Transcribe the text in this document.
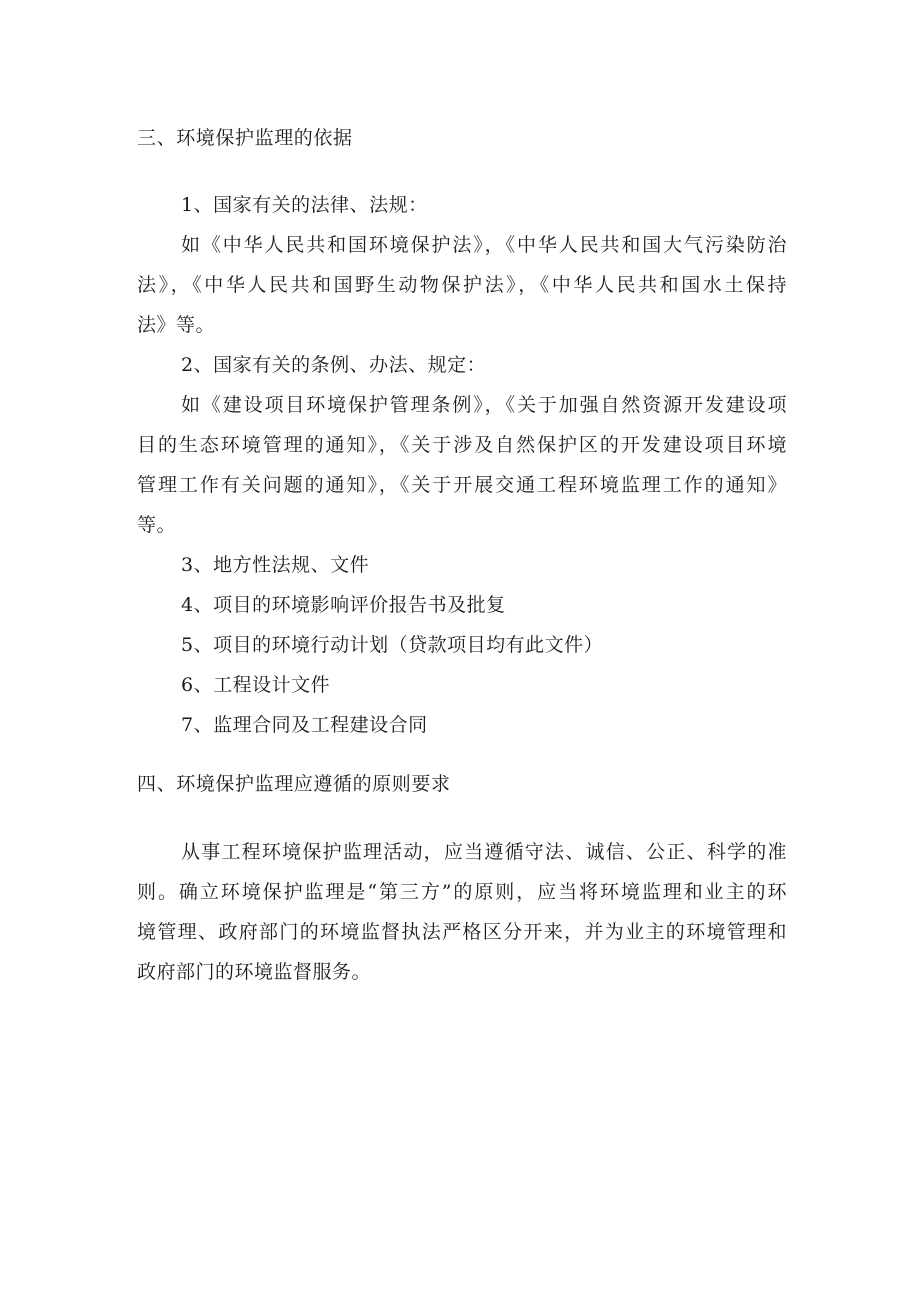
三、环境保护监理的依据
1、国家有关的法律、法规：
如《中华人民共和国环境保护法》，《中华人民共和国大气污染防治
法》，《中华人民共和国野生动物保护法》，《中华人民共和国水土保持
法》等。
2、国家有关的条例、办法、规定：
如《建设项目环境保护管理条例》，《关于加强自然资源开发建设项
目的生态环境管理的通知》，《关于涉及自然保护区的开发建设项目环境
管理工作有关问题的通知》，《关于开展交通工程环境监理工作的通知》
等。
3、地方性法规、文件
4、项目的环境影响评价报告书及批复
5、项目的环境行动计划（贷款项目均有此文件）
6、工程设计文件
7、监理合同及工程建设合同
四、环境保护监理应遵循的原则要求
从事工程环境保护监理活动，应当遵循守法、诚信、公正、科学的准
则。确立环境保护监理是“第三方”的原则，应当将环境监理和业主的环
境管理、政府部门的环境监督执法严格区分开来，并为业主的环境管理和
政府部门的环境监督服务。
